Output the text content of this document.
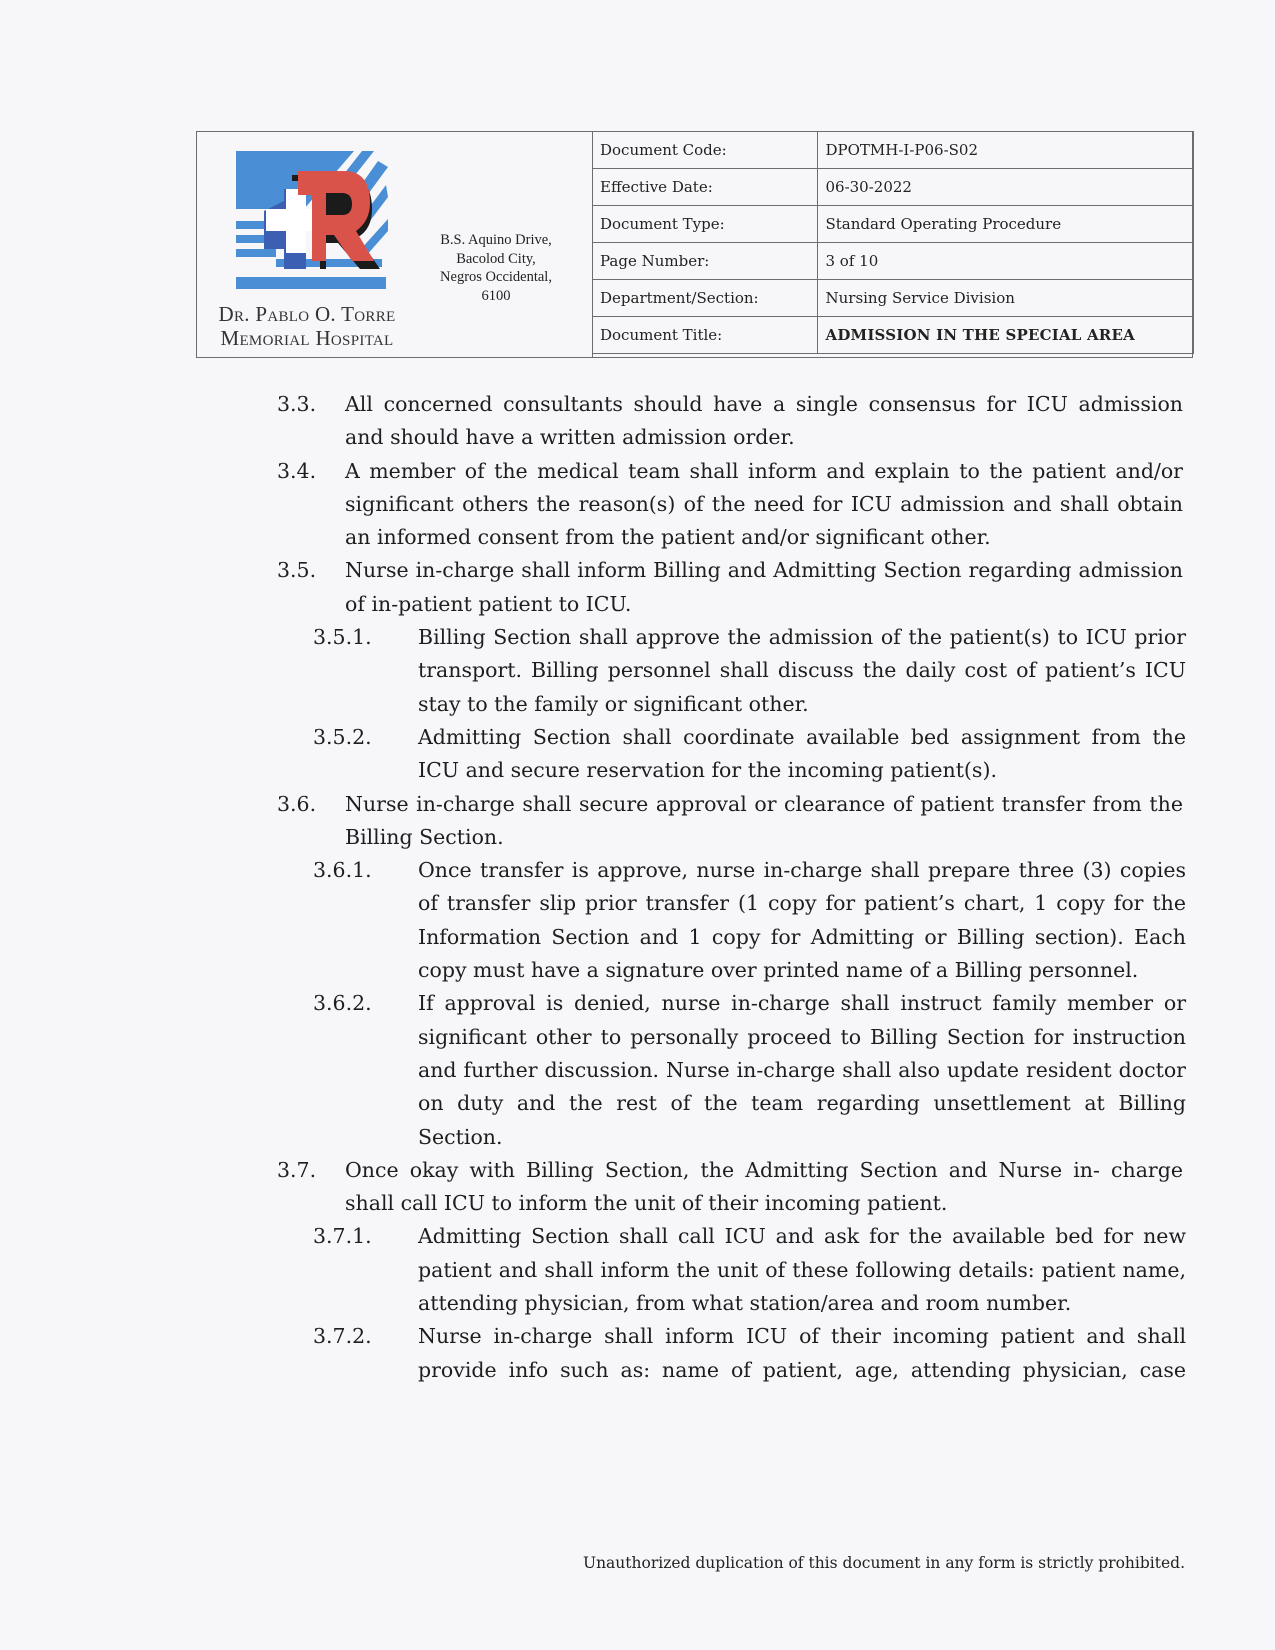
Dr. Pablo O. Torre
Memorial Hospital
B.S. Aquino Drive,
Bacolod City,
Negros Occidental,
6100
Document Code:	DPOTMH-I-P06-S02
Effective Date:	06-30-2022
Document Type:	Standard Operating Procedure
Page Number:	3 of 10
Department/Section:	Nursing Service Division
Document Title:	ADMISSION IN THE SPECIAL AREA
3.3. All concerned consultants should have a single consensus for ICU admission and should have a written admission order.
3.4. A member of the medical team shall inform and explain to the patient and/or significant others the reason(s) of the need for ICU admission and shall obtain an informed consent from the patient and/or significant other.
3.5. Nurse in-charge shall inform Billing and Admitting Section regarding admission of in-patient patient to ICU.
3.5.1. Billing Section shall approve the admission of the patient(s) to ICU prior transport. Billing personnel shall discuss the daily cost of patient’s ICU stay to the family or significant other.
3.5.2. Admitting Section shall coordinate available bed assignment from the ICU and secure reservation for the incoming patient(s).
3.6. Nurse in-charge shall secure approval or clearance of patient transfer from the Billing Section.
3.6.1. Once transfer is approve, nurse in-charge shall prepare three (3) copies of transfer slip prior transfer (1 copy for patient’s chart, 1 copy for the Information Section and 1 copy for Admitting or Billing section). Each copy must have a signature over printed name of a Billing personnel.
3.6.2. If approval is denied, nurse in-charge shall instruct family member or significant other to personally proceed to Billing Section for instruction and further discussion. Nurse in-charge shall also update resident doctor on duty and the rest of the team regarding unsettlement at Billing Section.
3.7. Once okay with Billing Section, the Admitting Section and Nurse in- charge shall call ICU to inform the unit of their incoming patient.
3.7.1. Admitting Section shall call ICU and ask for the available bed for new patient and shall inform the unit of these following details: patient name, attending physician, from what station/area and room number.
3.7.2. Nurse in-charge shall inform ICU of their incoming patient and shall provide info such as: name of patient, age, attending physician, case
Unauthorized duplication of this document in any form is strictly prohibited.
